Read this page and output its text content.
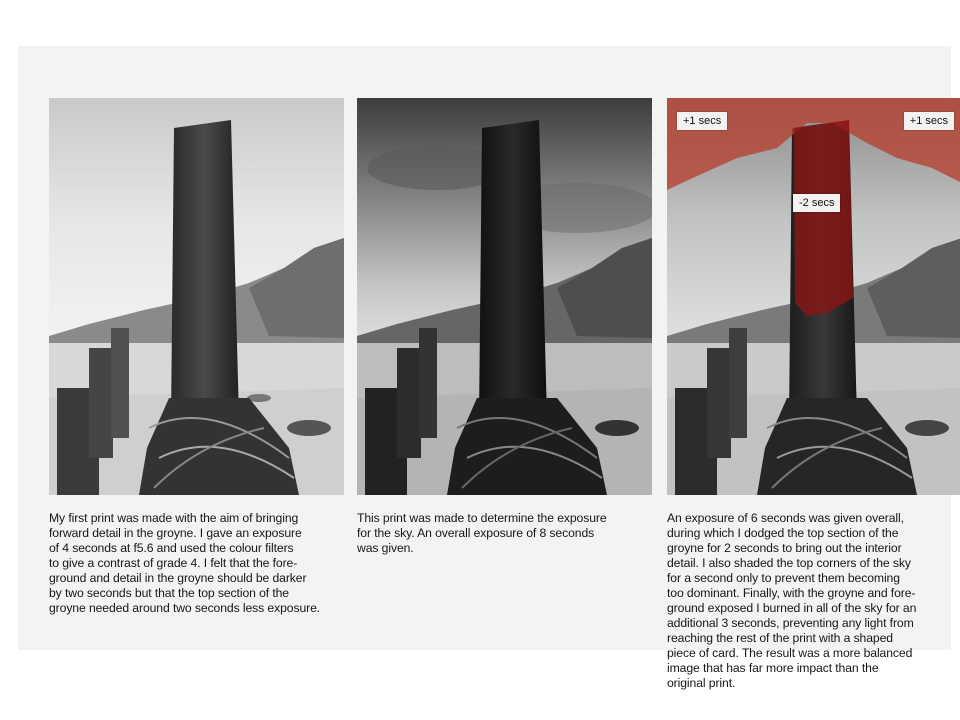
+1 secs	+1 secs
-2 secs

My first print was made with the aim of bringing
forward detail in the groyne. I gave an exposure
of 4 seconds at f5.6 and used the colour filters
to give a contrast of grade 4. I felt that the fore-
ground and detail in the groyne should be darker
by two seconds but that the top section of the
groyne needed around two seconds less exposure.

This print was made to determine the exposure
for the sky. An overall exposure of 8 seconds
was given.

An exposure of 6 seconds was given overall,
during which I dodged the top section of the
groyne for 2 seconds to bring out the interior
detail. I also shaded the top corners of the sky
for a second only to prevent them becoming
too dominant. Finally, with the groyne and fore-
ground exposed I burned in all of the sky for an
additional 3 seconds, preventing any light from
reaching the rest of the print with a shaped
piece of card. The result was a more balanced
image that has far more impact than the
original print.
